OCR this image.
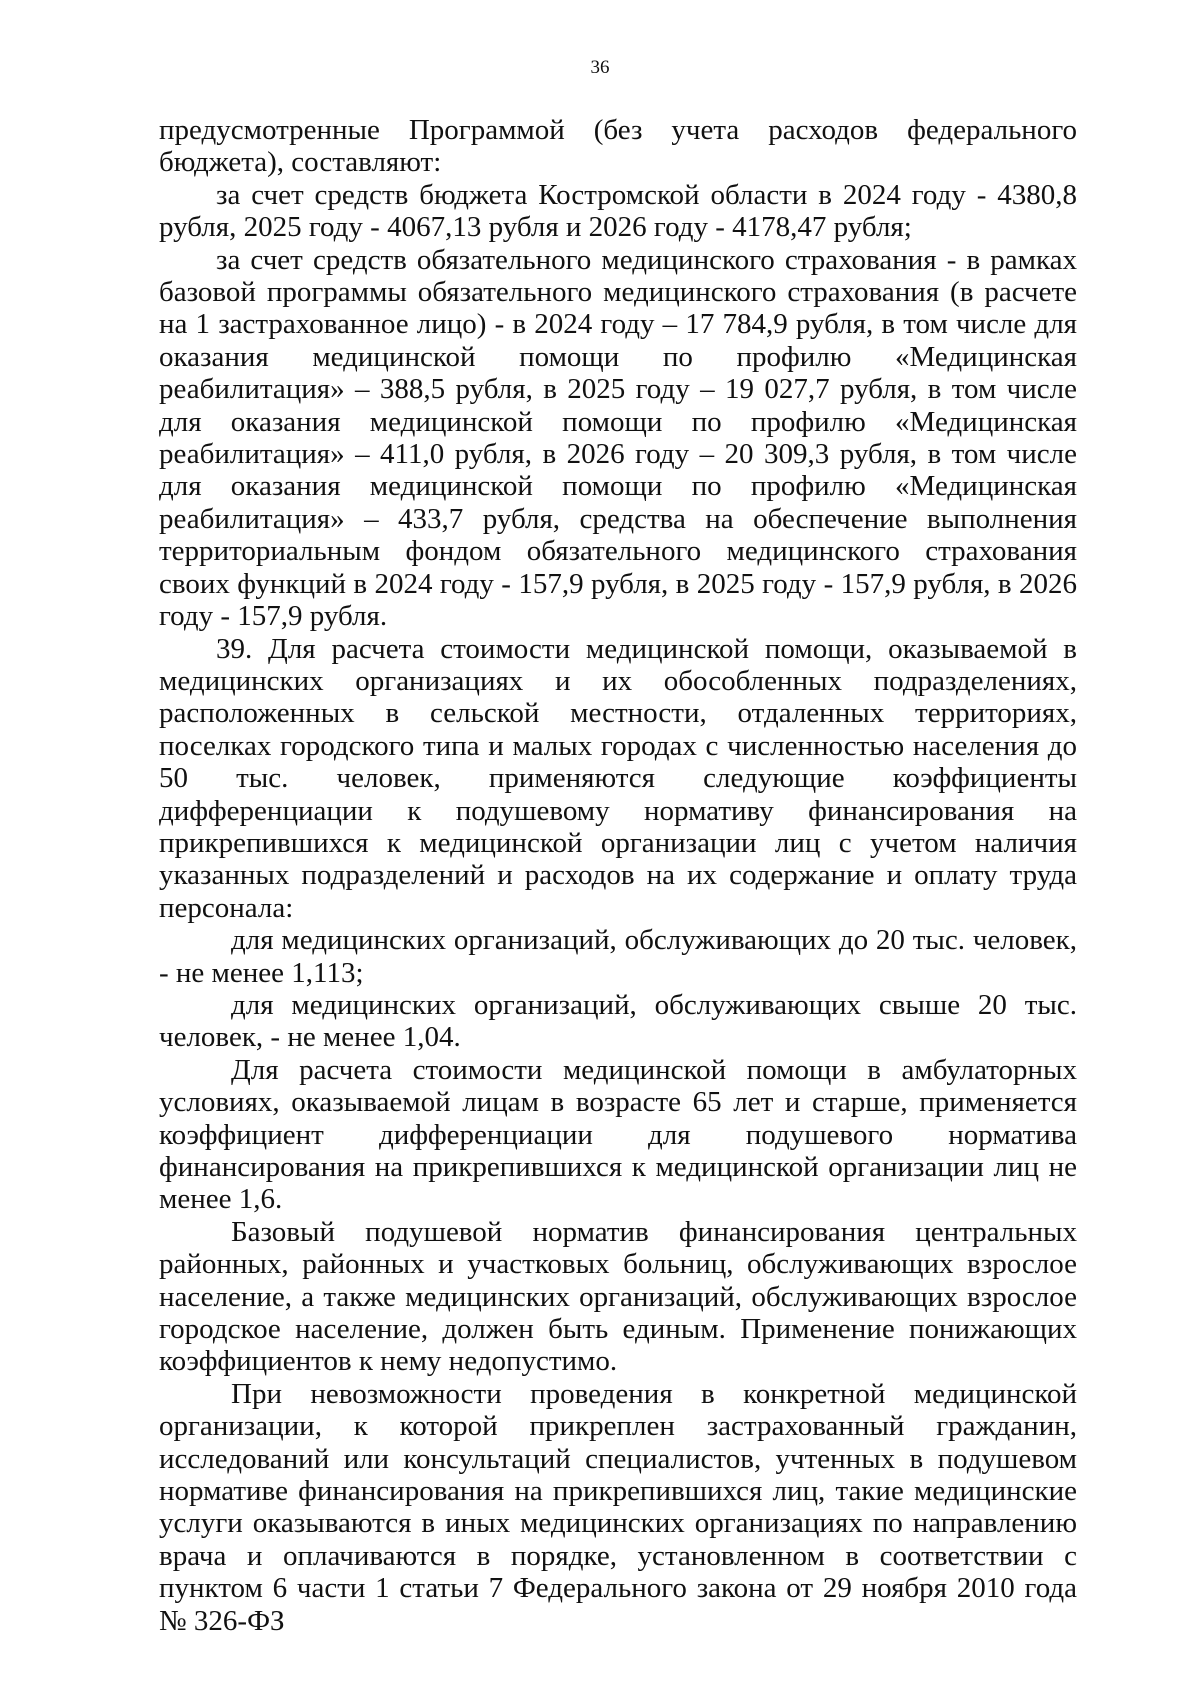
36

предусмотренные Программой (без учета расходов федерального бюджета), составляют:

за счет средств бюджета Костромской области в 2024 году - 4380,8 рубля, 2025 году - 4067,13 рубля и 2026 году - 4178,47 рубля;

за счет средств обязательного медицинского страхования - в рамках базовой программы обязательного медицинского страхования (в расчете на 1 застрахованное лицо) - в 2024 году – 17 784,9 рубля, в том числе для оказания медицинской помощи по профилю «Медицинская реабилитация» – 388,5 рубля, в 2025 году – 19 027,7 рубля, в том числе для оказания медицинской помощи по профилю «Медицинская реабилитация» – 411,0 рубля, в 2026 году – 20 309,3 рубля, в том числе для оказания медицинской помощи по профилю «Медицинская реабилитация» – 433,7 рубля, средства на обеспечение выполнения территориальным фондом обязательного медицинского страхования своих функций в 2024 году - 157,9 рубля, в 2025 году - 157,9 рубля, в 2026 году - 157,9 рубля.

39. Для расчета стоимости медицинской помощи, оказываемой в медицинских организациях и их обособленных подразделениях, расположенных в сельской местности, отдаленных территориях, поселках городского типа и малых городах с численностью населения до 50 тыс. человек, применяются следующие коэффициенты дифференциации к подушевому нормативу финансирования на прикрепившихся к медицинской организации лиц с учетом наличия указанных подразделений и расходов на их содержание и оплату труда персонала:

для медицинских организаций, обслуживающих до 20 тыс. человек, - не менее 1,113;

для медицинских организаций, обслуживающих свыше 20 тыс. человек, - не менее 1,04.

Для расчета стоимости медицинской помощи в амбулаторных условиях, оказываемой лицам в возрасте 65 лет и старше, применяется коэффициент дифференциации для подушевого норматива финансирования на прикрепившихся к медицинской организации лиц не менее 1,6.

Базовый подушевой норматив финансирования центральных районных, районных и участковых больниц, обслуживающих взрослое население, а также медицинских организаций, обслуживающих взрослое городское население, должен быть единым. Применение понижающих коэффициентов к нему недопустимо.

При невозможности проведения в конкретной медицинской организации, к которой прикреплен застрахованный гражданин, исследований или консультаций специалистов, учтенных в подушевом нормативе финансирования на прикрепившихся лиц, такие медицинские услуги оказываются в иных медицинских организациях по направлению врача и оплачиваются в порядке, установленном в соответствии с пунктом 6 части 1 статьи 7 Федерального закона от 29 ноября 2010 года № 326-ФЗ
